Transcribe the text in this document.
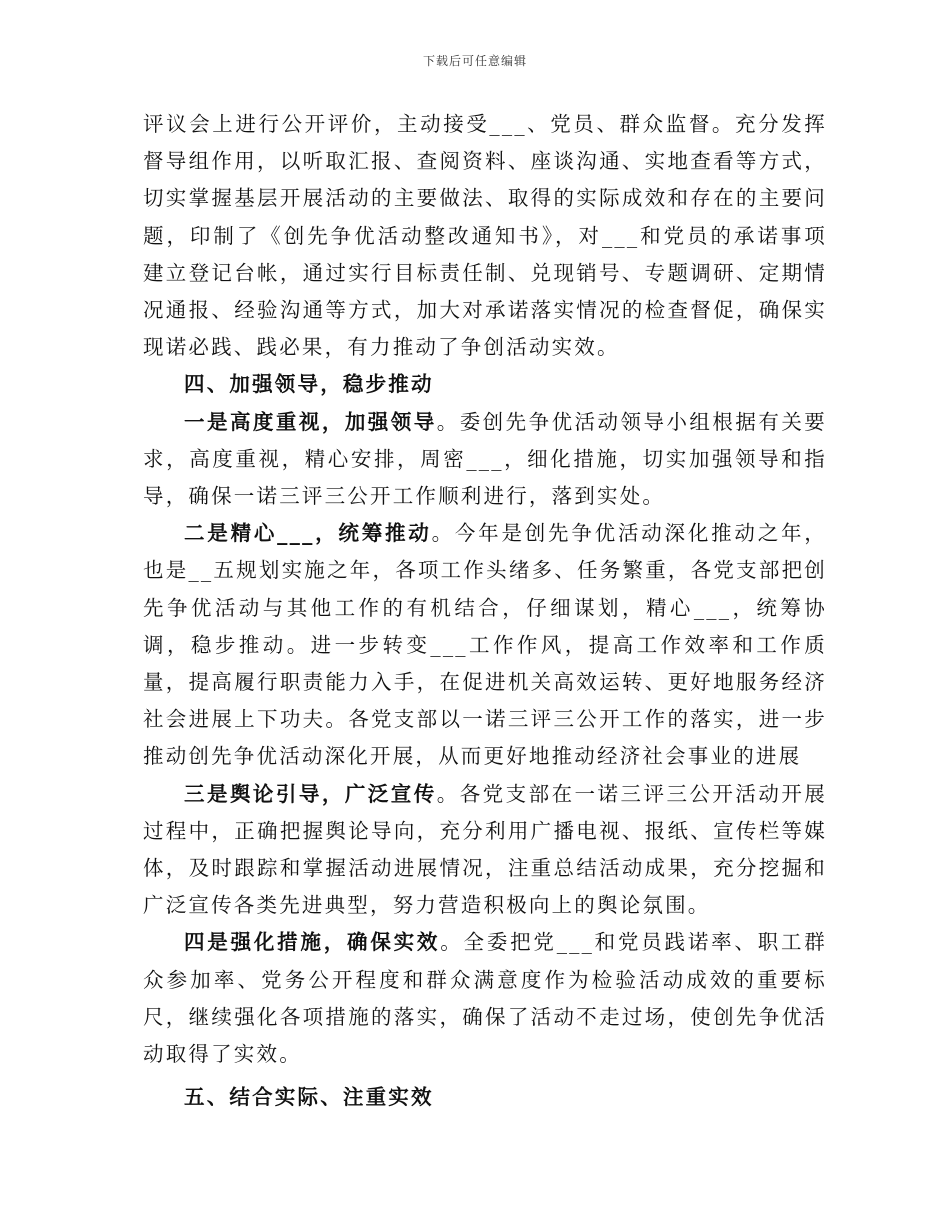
下载后可任意编辑

评议会上进行公开评价，主动接受___、党员、群众监督。充分发挥督导组作用，以听取汇报、查阅资料、座谈沟通、实地查看等方式，切实掌握基层开展活动的主要做法、取得的实际成效和存在的主要问题，印制了《创先争优活动整改通知书》，对___和党员的承诺事项建立登记台帐，通过实行目标责任制、兑现销号、专题调研、定期情况通报、经验沟通等方式，加大对承诺落实情况的检查督促，确保实现诺必践、践必果，有力推动了争创活动实效。

四、加强领导，稳步推动

一是高度重视，加强领导。委创先争优活动领导小组根据有关要求，高度重视，精心安排，周密___，细化措施，切实加强领导和指导，确保一诺三评三公开工作顺利进行，落到实处。

二是精心___，统筹推动。今年是创先争优活动深化推动之年，也是__五规划实施之年，各项工作头绪多、任务繁重，各党支部把创先争优活动与其他工作的有机结合，仔细谋划，精心___，统筹协调，稳步推动。进一步转变___工作作风，提高工作效率和工作质量，提高履行职责能力入手，在促进机关高效运转、更好地服务经济社会进展上下功夫。各党支部以一诺三评三公开工作的落实，进一步推动创先争优活动深化开展，从而更好地推动经济社会事业的进展

三是舆论引导，广泛宣传。各党支部在一诺三评三公开活动开展过程中，正确把握舆论导向，充分利用广播电视、报纸、宣传栏等媒体，及时跟踪和掌握活动进展情况，注重总结活动成果，充分挖掘和广泛宣传各类先进典型，努力营造积极向上的舆论氛围。

四是强化措施，确保实效。全委把党___和党员践诺率、职工群众参加率、党务公开程度和群众满意度作为检验活动成效的重要标尺，继续强化各项措施的落实，确保了活动不走过场，使创先争优活动取得了实效。

五、结合实际、注重实效
